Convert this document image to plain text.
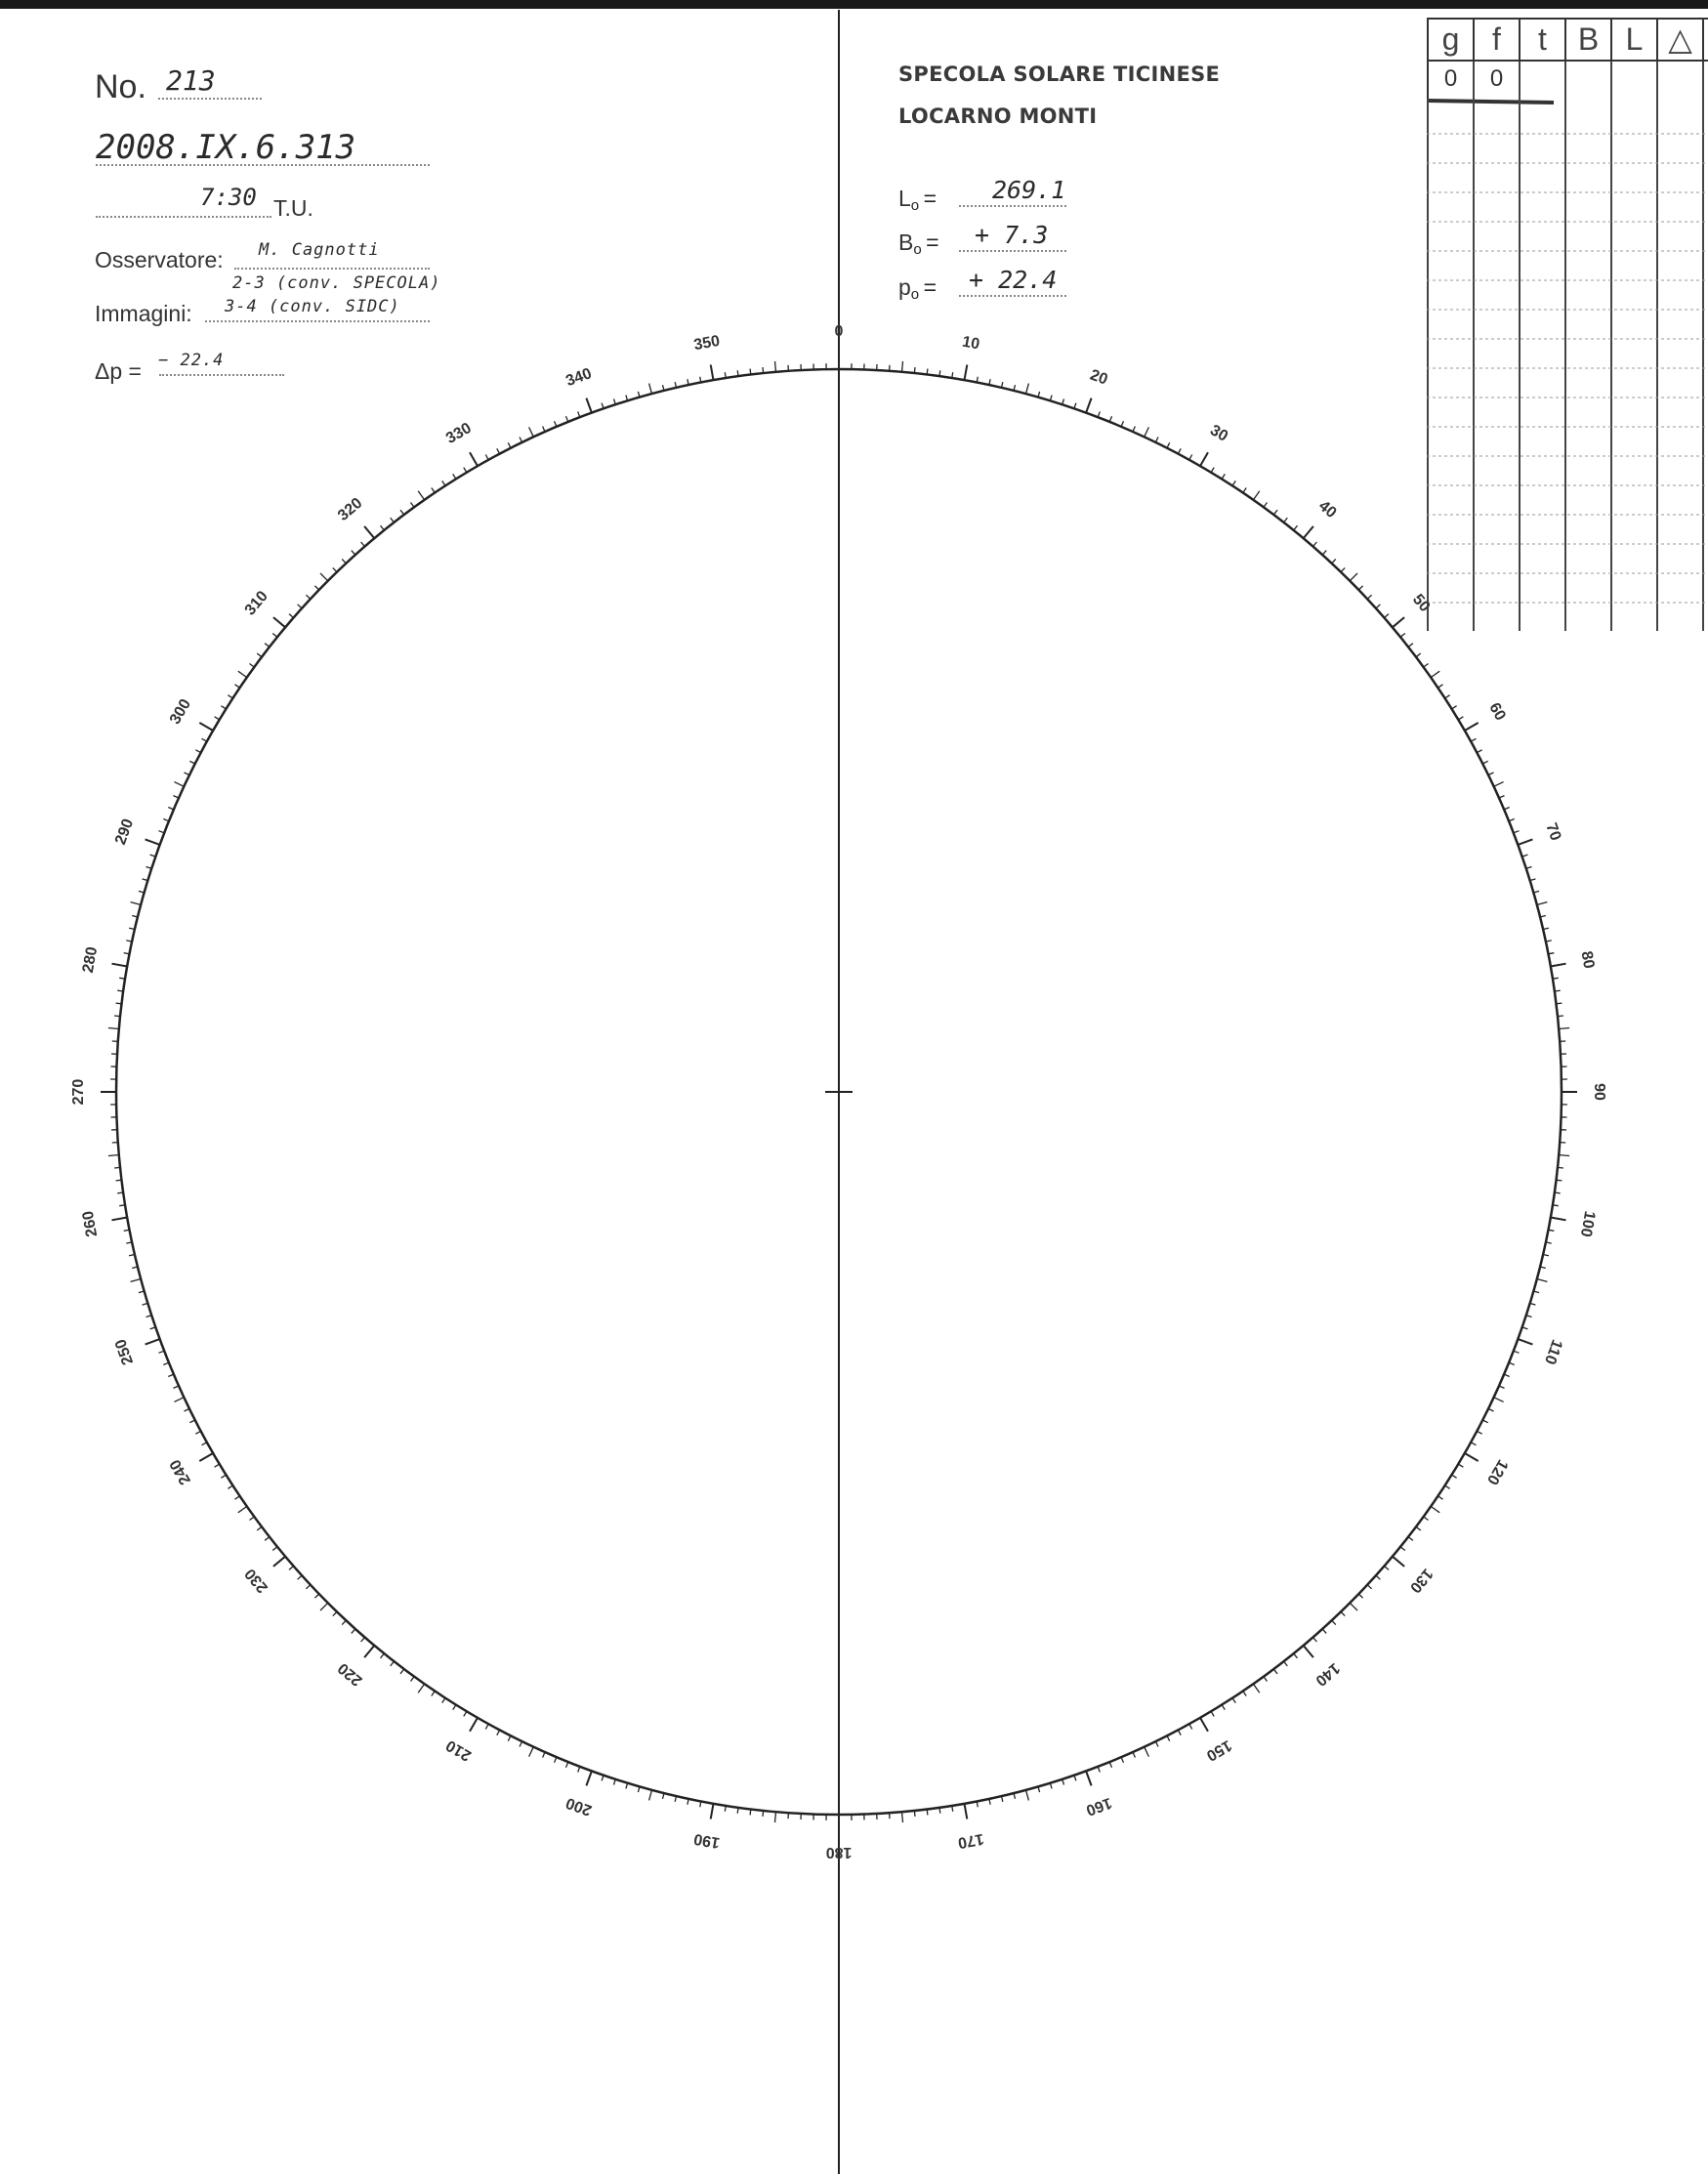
No. 213
2008.IX.6.313
7:30 T.U.
Osservatore: M. Cagnotti
2-3 (conv. SPECOLA)
Immagini: 3-4 (conv. SIDC)
Δp = − 22.4
SPECOLA SOLARE TICINESE
LOCARNO MONTI
$L_o = 269.1$
$B_o$ = + 7.3
$p_o$ = + 22.4
g	f	t B L △
0	0
0
10
20
30
40
50
60
70
80
90
100
110
120
130
140
150
160
170
180
190
200
210
220
230
240
250
260
270
280
290
300
310
320
330
340
350
